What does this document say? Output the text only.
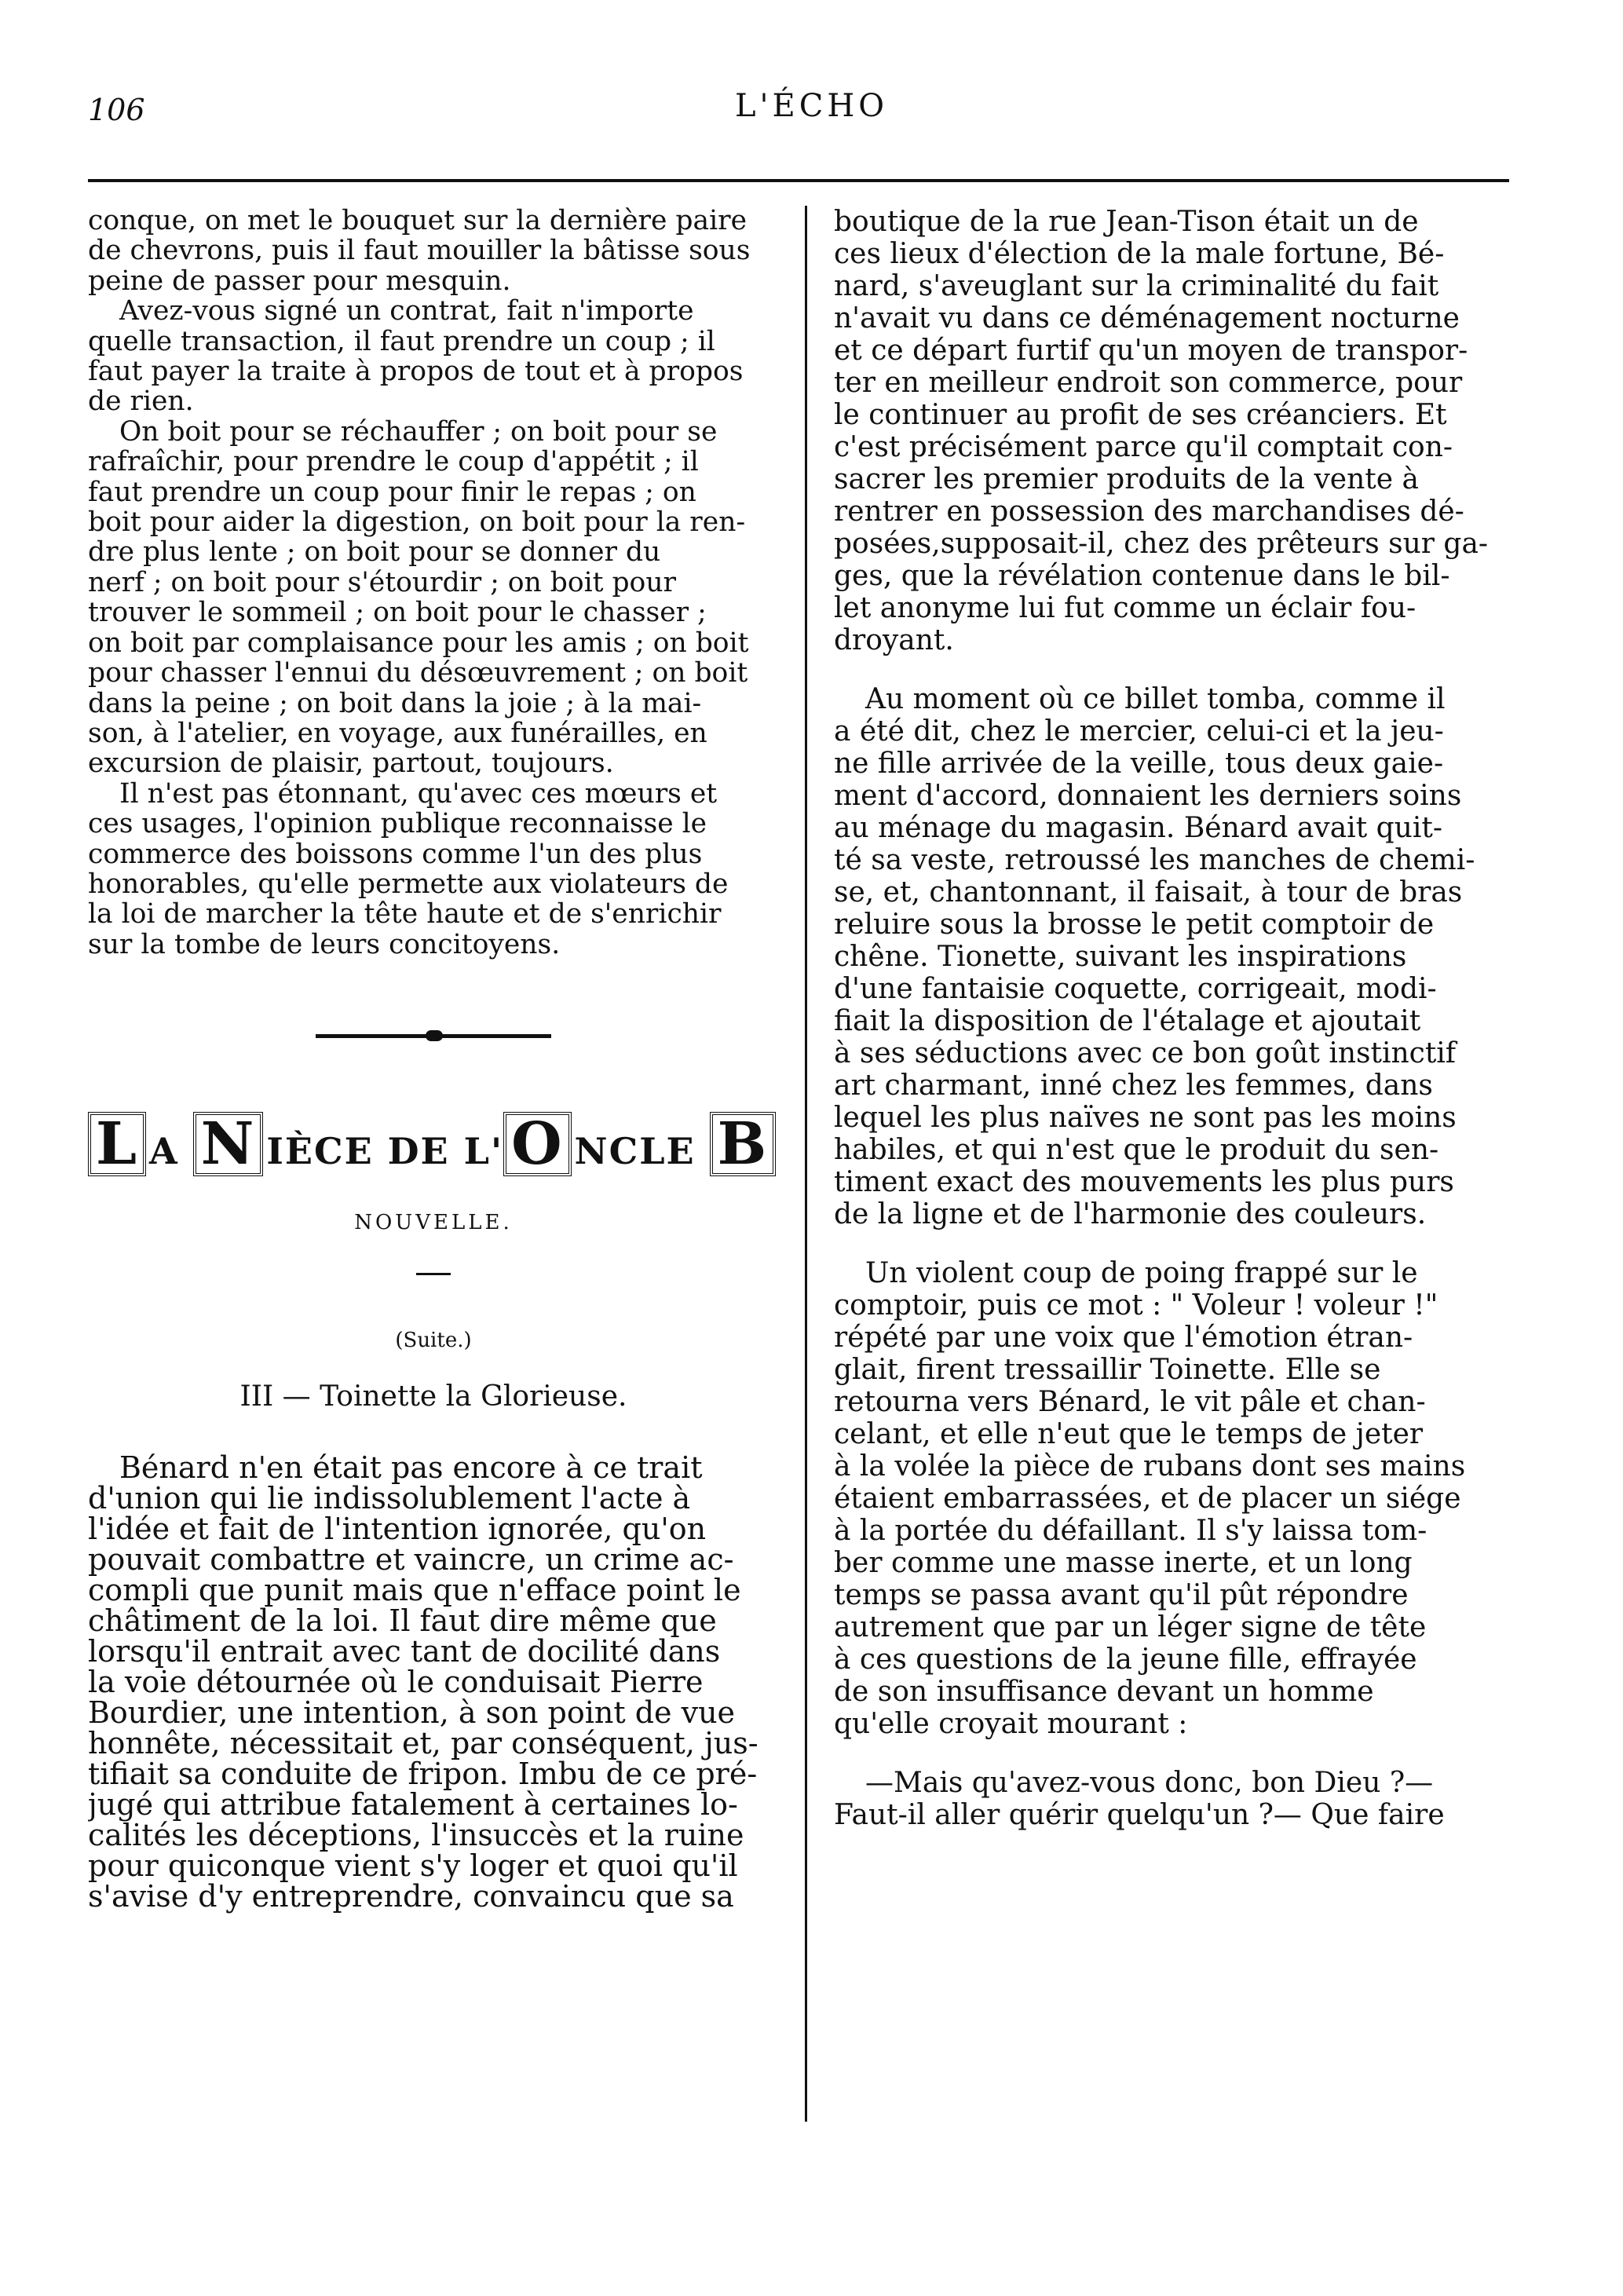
106	L'ÉCHO

conque, on met le bouquet sur la dernière paire
de chevrons, puis il faut mouiller la bâtisse sous
peine de passer pour mesquin.

Avez-vous signé un contrat, fait n'importe
quelle transaction, il faut prendre un coup ; il
faut payer la traite à propos de tout et à propos
de rien.

On boit pour se réchauffer ; on boit pour se
rafraîchir, pour prendre le coup d'appétit ; il
faut prendre un coup pour finir le repas ; on
boit pour aider la digestion, on boit pour la ren-
dre plus lente ; on boit pour se donner du
nerf ; on boit pour s'étourdir ; on boit pour
trouver le sommeil ; on boit pour le chasser ;
on boit par complaisance pour les amis ; on boit
pour chasser l'ennui du désœuvrement ; on boit
dans la peine ; on boit dans la joie ; à la mai-
son, à l'atelier, en voyage, aux funérailles, en
excursion de plaisir, partout, toujours.

Il n'est pas étonnant, qu'avec ces mœurs et
ces usages, l'opinion publique reconnaisse le
commerce des boissons comme l'un des plus
honorables, qu'elle permette aux violateurs de
la loi de marcher la tête haute et de s'enrichir
sur la tombe de leurs concitoyens.

L A N IÈCE DE L' O NCLE B
NOUVELLE.
(Suite.)
III — Toinette la Glorieuse.

Bénard n'en était pas encore à ce trait
d'union qui lie indissolublement l'acte à
l'idée et fait de l'intention ignorée, qu'on
pouvait combattre et vaincre, un crime ac-
compli que punit mais que n'efface point le
châtiment de la loi. Il faut dire même que
lorsqu'il entrait avec tant de docilité dans
la voie détournée où le conduisait Pierre
Bourdier, une intention, à son point de vue
honnête, nécessitait et, par conséquent, jus-
tifiait sa conduite de fripon. Imbu de ce pré-
jugé qui attribue fatalement à certaines lo-
calités les déceptions, l'insuccès et la ruine
pour quiconque vient s'y loger et quoi qu'il
s'avise d'y entreprendre, convaincu que sa

boutique de la rue Jean-Tison était un de
ces lieux d'élection de la male fortune, Bé-
nard, s'aveuglant sur la criminalité du fait
n'avait vu dans ce déménagement nocturne
et ce départ furtif qu'un moyen de transpor-
ter en meilleur endroit son commerce, pour
le continuer au profit de ses créanciers. Et
c'est précisément parce qu'il comptait con-
sacrer les premier produits de la vente à
rentrer en possession des marchandises dé-
posées,supposait-il, chez des prêteurs sur ga-
ges, que la révélation contenue dans le bil-
let anonyme lui fut comme un éclair fou-
droyant.

Au moment où ce billet tomba, comme il
a été dit, chez le mercier, celui-ci et la jeu-
ne fille arrivée de la veille, tous deux gaie-
ment d'accord, donnaient les derniers soins
au ménage du magasin. Bénard avait quit-
té sa veste, retroussé les manches de chemi-
se, et, chantonnant, il faisait, à tour de bras
reluire sous la brosse le petit comptoir de
chêne. Tionette, suivant les inspirations
d'une fantaisie coquette, corrigeait, modi-
fiait la disposition de l'étalage et ajoutait
à ses séductions avec ce bon goût instinctif
art charmant, inné chez les femmes, dans
lequel les plus naïves ne sont pas les moins
habiles, et qui n'est que le produit du sen-
timent exact des mouvements les plus purs
de la ligne et de l'harmonie des couleurs.

Un violent coup de poing frappé sur le
comptoir, puis ce mot : " Voleur ! voleur !"
répété par une voix que l'émotion étran-
glait, firent tressaillir Toinette. Elle se
retourna vers Bénard, le vit pâle et chan-
celant, et elle n'eut que le temps de jeter
à la volée la pièce de rubans dont ses mains
étaient embarrassées, et de placer un siége
à la portée du défaillant. Il s'y laissa tom-
ber comme une masse inerte, et un long
temps se passa avant qu'il pût répondre
autrement que par un léger signe de tête
à ces questions de la jeune fille, effrayée
de son insuffisance devant un homme
qu'elle croyait mourant :

—Mais qu'avez-vous donc, bon Dieu ?—
Faut-il aller quérir quelqu'un ?— Que faire
